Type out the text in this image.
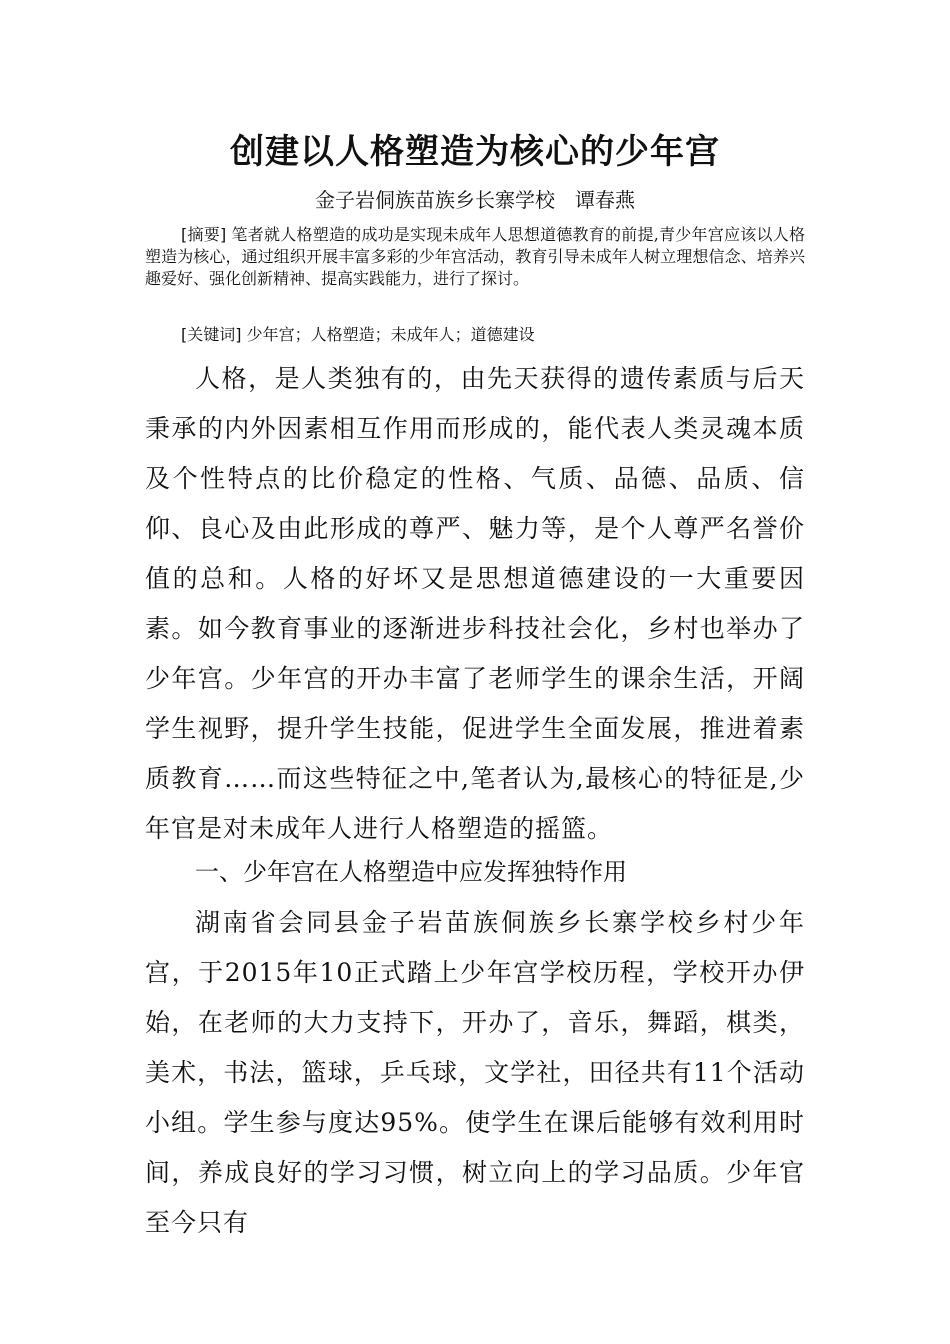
创建以人格塑造为核心的少年宫
金子岩侗族苗族乡长寨学校 谭春燕
[摘要] 笔者就人格塑造的成功是实现未成年人思想道德教育的前提,青少年宫应该以人格塑造为核心，通过组织开展丰富多彩的少年宫活动，教育引导未成年人树立理想信念、培养兴趣爱好、强化创新精神、提高实践能力，进行了探讨。
[关键词] 少年宫；人格塑造；未成年人；道德建设
人格，是人类独有的，由先天获得的遗传素质与后天秉承的内外因素相互作用而形成的，能代表人类灵魂本质及个性特点的比价稳定的性格、气质、品德、品质、信仰、良心及由此形成的尊严、魅力等，是个人尊严名誉价值的总和。人格的好坏又是思想道德建设的一大重要因素。如今教育事业的逐渐进步科技社会化，乡村也举办了少年宫。少年宫的开办丰富了老师学生的课余生活，开阔学生视野，提升学生技能，促进学生全面发展，推进着素质教育……而这些特征之中,笔者认为,最核心的特征是,少年官是对未成年人进行人格塑造的摇篮。
一、少年宫在人格塑造中应发挥独特作用
湖南省会同县金子岩苗族侗族乡长寨学校乡村少年宫，于2015年10正式踏上少年宫学校历程，学校开办伊始，在老师的大力支持下，开办了，音乐，舞蹈，棋类，美术，书法，篮球，乒乓球，文学社，田径共有11个活动小组。学生参与度达95%。使学生在课后能够有效利用时间，养成良好的学习习惯，树立向上的学习品质。少年官至今只有
